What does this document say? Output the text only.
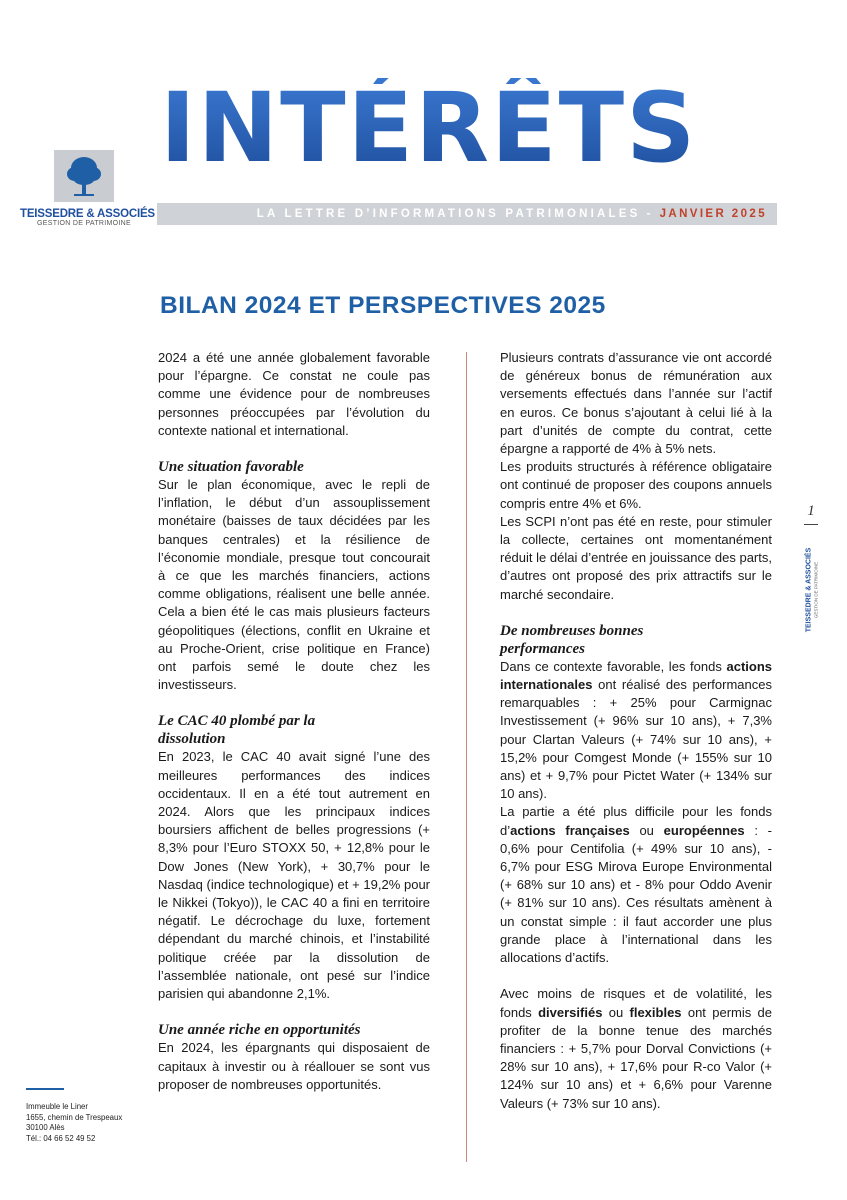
INTÉRÊTS
TEISSEDRE & ASSOCIÉS
GESTION DE PATRIMOINE
LA LETTRE D’INFORMATIONS PATRIMONIALES - JANVIER 2025
BILAN 2024 ET PERSPECTIVES 2025

2024 a été une année globalement favorable pour l’épargne. Ce constat ne coule pas comme une évidence pour de nombreuses personnes préoccupées par l’évolution du contexte national et international.

Une situation favorable

Sur le plan économique, avec le repli de l’inflation, le début d’un assouplissement monétaire (baisses de taux décidées par les banques centrales) et la résilience de l’économie mondiale, presque tout concourait à ce que les marchés financiers, actions comme obligations, réalisent une belle année. Cela a bien été le cas mais plusieurs facteurs géopolitiques (élections, conflit en Ukraine et au Proche-Orient, crise politique en France) ont parfois semé le doute chez les investisseurs.

Le CAC 40 plombé par la
dissolution

En 2023, le CAC 40 avait signé l’une des meilleures performances des indices occidentaux. Il en a été tout autrement en 2024. Alors que les principaux indices boursiers affichent de belles progressions (+ 8,3% pour l’Euro STOXX 50, + 12,8% pour le Dow Jones (New York), + 30,7% pour le Nasdaq (indice technologique) et + 19,2% pour le Nikkei (Tokyo)), le CAC 40 a fini en territoire négatif. Le décrochage du luxe, fortement dépendant du marché chinois, et l’instabilité politique créée par la dissolution de l’assemblée nationale, ont pesé sur l’indice parisien qui abandonne 2,1%.

Une année riche en opportunités

En 2024, les épargnants qui disposaient de capitaux à investir ou à réallouer se sont vus proposer de nombreuses opportunités.

Plusieurs contrats d’assurance vie ont accordé de généreux bonus de rémunération aux versements effectués dans l’année sur l’actif en euros. Ce bonus s’ajoutant à celui lié à la part d’unités de compte du contrat, cette épargne a rapporté de 4% à 5% nets.

Les produits structurés à référence obligataire ont continué de proposer des coupons annuels compris entre 4% et 6%.

Les SCPI n’ont pas été en reste, pour stimuler la collecte, certaines ont momentanément réduit le délai d’entrée en jouissance des parts, d’autres ont proposé des prix attractifs sur le marché secondaire.

De nombreuses bonnes
performances

Dans ce contexte favorable, les fonds actions internationales ont réalisé des performances remarquables : + 25% pour Carmignac Investissement (+ 96% sur 10 ans), + 7,3% pour Clartan Valeurs (+ 74% sur 10 ans), + 15,2% pour Comgest Monde (+ 155% sur 10 ans) et + 9,7% pour Pictet Water (+ 134% sur 10 ans).

La partie a été plus difficile pour les fonds d’actions françaises ou européennes : - 0,6% pour Centifolia (+ 49% sur 10 ans), - 6,7% pour ESG Mirova Europe Environmental (+ 68% sur 10 ans) et - 8% pour Oddo Avenir (+ 81% sur 10 ans). Ces résultats amènent à un constat simple : il faut accorder une plus grande place à l’international dans les allocations d’actifs.

Avec moins de risques et de volatilité, les fonds diversifiés ou flexibles ont permis de profiter de la bonne tenue des marchés financiers : + 5,7% pour Dorval Convictions (+ 28% sur 10 ans), + 17,6% pour R-co Valor (+ 124% sur 10 ans) et + 6,6% pour Varenne Valeurs (+ 73% sur 10 ans).

1
TEISSEDRE & ASSOCIÉS GESTION DE PATRIMOINE
Immeuble le Liner
1655, chemin de Trespeaux
30100 Alès
Tél.: 04 66 52 49 52
